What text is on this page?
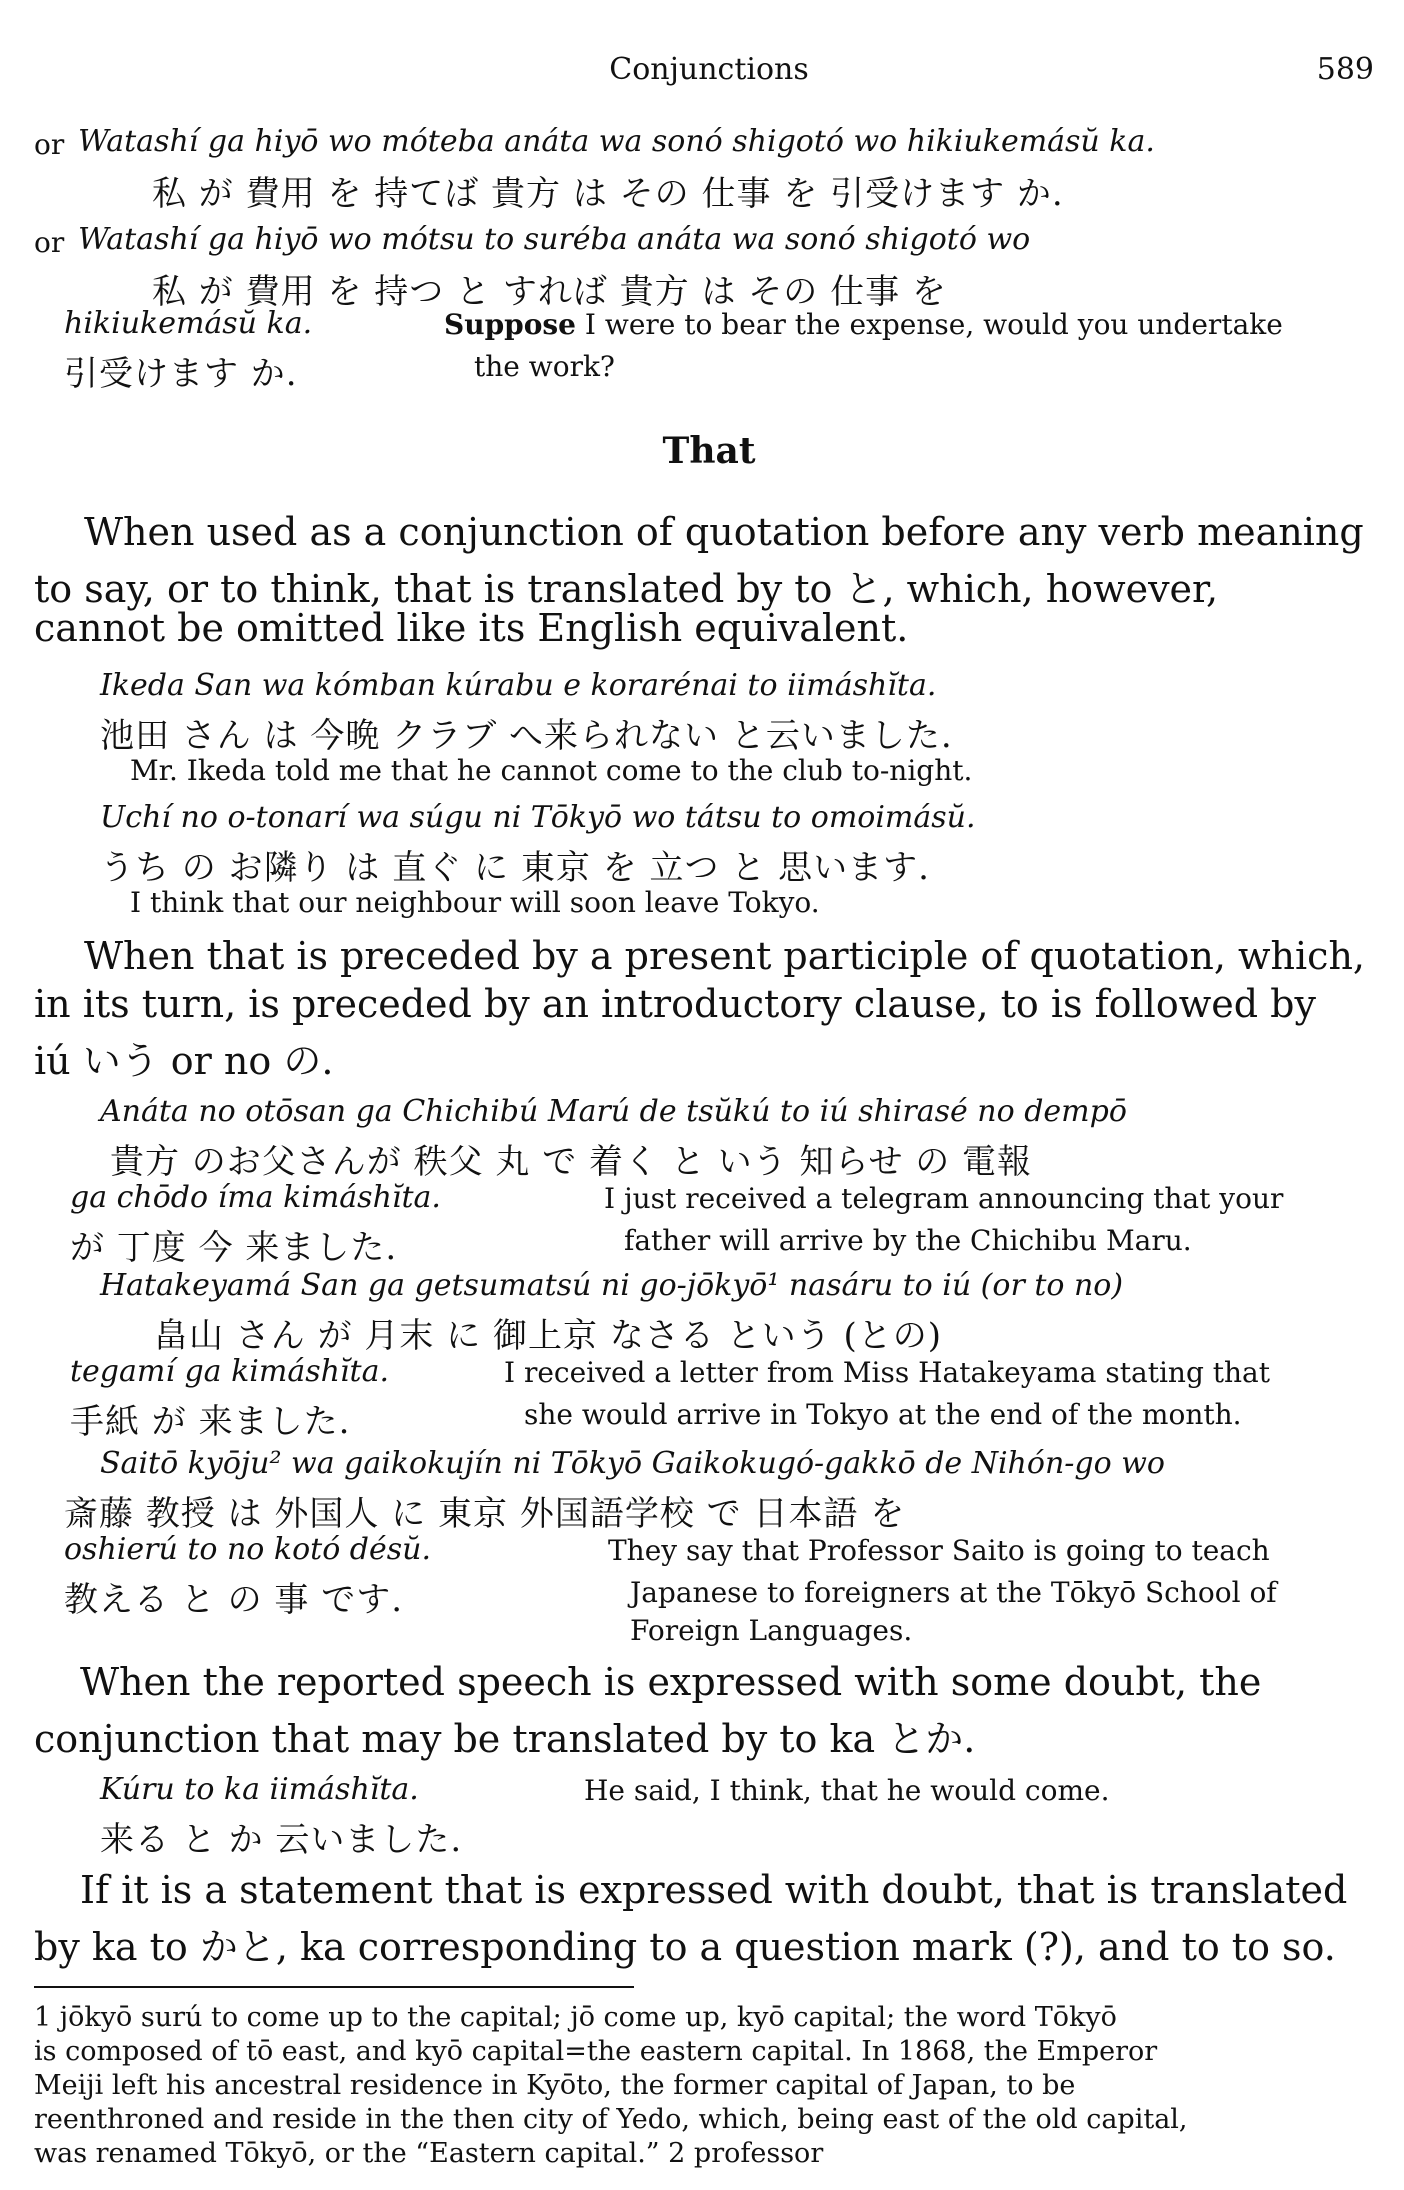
Conjunctions	589
or Watashí ga hiyō wo móteba anáta wa sonó shigotó wo hikiukemásŭ ka.
私 が 費用 を 持てば 貴方 は その 仕事 を 引受けます か.
or Watashí ga hiyō wo mótsu to suréba anáta wa sonó shigotó wo
私 が 費用 を 持つ と すれば 貴方 は その 仕事 を
hikiukemásŭ ka.	Suppose I were to bear the expense, would you undertake
引受けます か.	the work?
That
When used as a conjunction of quotation before any verb meaning
to say, or to think, that is translated by to と, which, however,
cannot be omitted like its English equivalent.
Ikeda San wa kómban kúrabu e korarénai to iimáshĭta.
池田 さん は 今晩 クラブ へ来られない と云いました.
Mr. Ikeda told me that he cannot come to the club to-night.
Uchí no o-tonarí wa súgu ni Tōkyō wo tátsu to omoimásŭ.
うち の お隣り は 直ぐ に 東京 を 立つ と 思います.
I think that our neighbour will soon leave Tokyo.
When that is preceded by a present participle of quotation, which,
in its turn, is preceded by an introductory clause, to is followed by
iú いう or no の.
Anáta no otōsan ga Chichibú Marú de tsŭkú to iú shirasé no dempō
貴方 のお父さんが 秩父 丸 で 着く と いう 知らせ の 電報
ga chōdo íma kimáshĭta.	I just received a telegram announcing that your
が 丁度 今 来ました.	father will arrive by the Chichibu Maru.
Hatakeyamá San ga getsumatsú ni go-jōkyō¹ nasáru to iú (or to no)
畠山 さん が 月末 に 御上京 なさる という (との)
tegamí ga kimáshĭta.	I received a letter from Miss Hatakeyama stating that
手紙 が 来ました.	she would arrive in Tokyo at the end of the month.
Saitō kyōju² wa gaikokujín ni Tōkyō Gaikokugó-gakkō de Nihón-go wo
斎藤 教授 は 外国人 に 東京 外国語学校 で 日本語 を
oshierú to no kotó désŭ.	They say that Professor Saito is going to teach
教える と の 事 です.	Japanese to foreigners at the Tōkyō School of
Foreign Languages.
When the reported speech is expressed with some doubt, the
conjunction that may be translated by to ka とか.
Kúru to ka iimáshĭta.	He said, I think, that he would come.
来る と か 云いました.
If it is a statement that is expressed with doubt, that is translated
by ka to かと, ka corresponding to a question mark (?), and to to so.
1 jōkyō surú to come up to the capital; jō come up, kyō capital; the word Tōkyō
is composed of tō east, and kyō capital=the eastern capital. In 1868, the Emperor
Meiji left his ancestral residence in Kyōto, the former capital of Japan, to be
reenthroned and reside in the then city of Yedo, which, being east of the old capital,
was renamed Tōkyō, or the “Eastern capital.” 2 professor
